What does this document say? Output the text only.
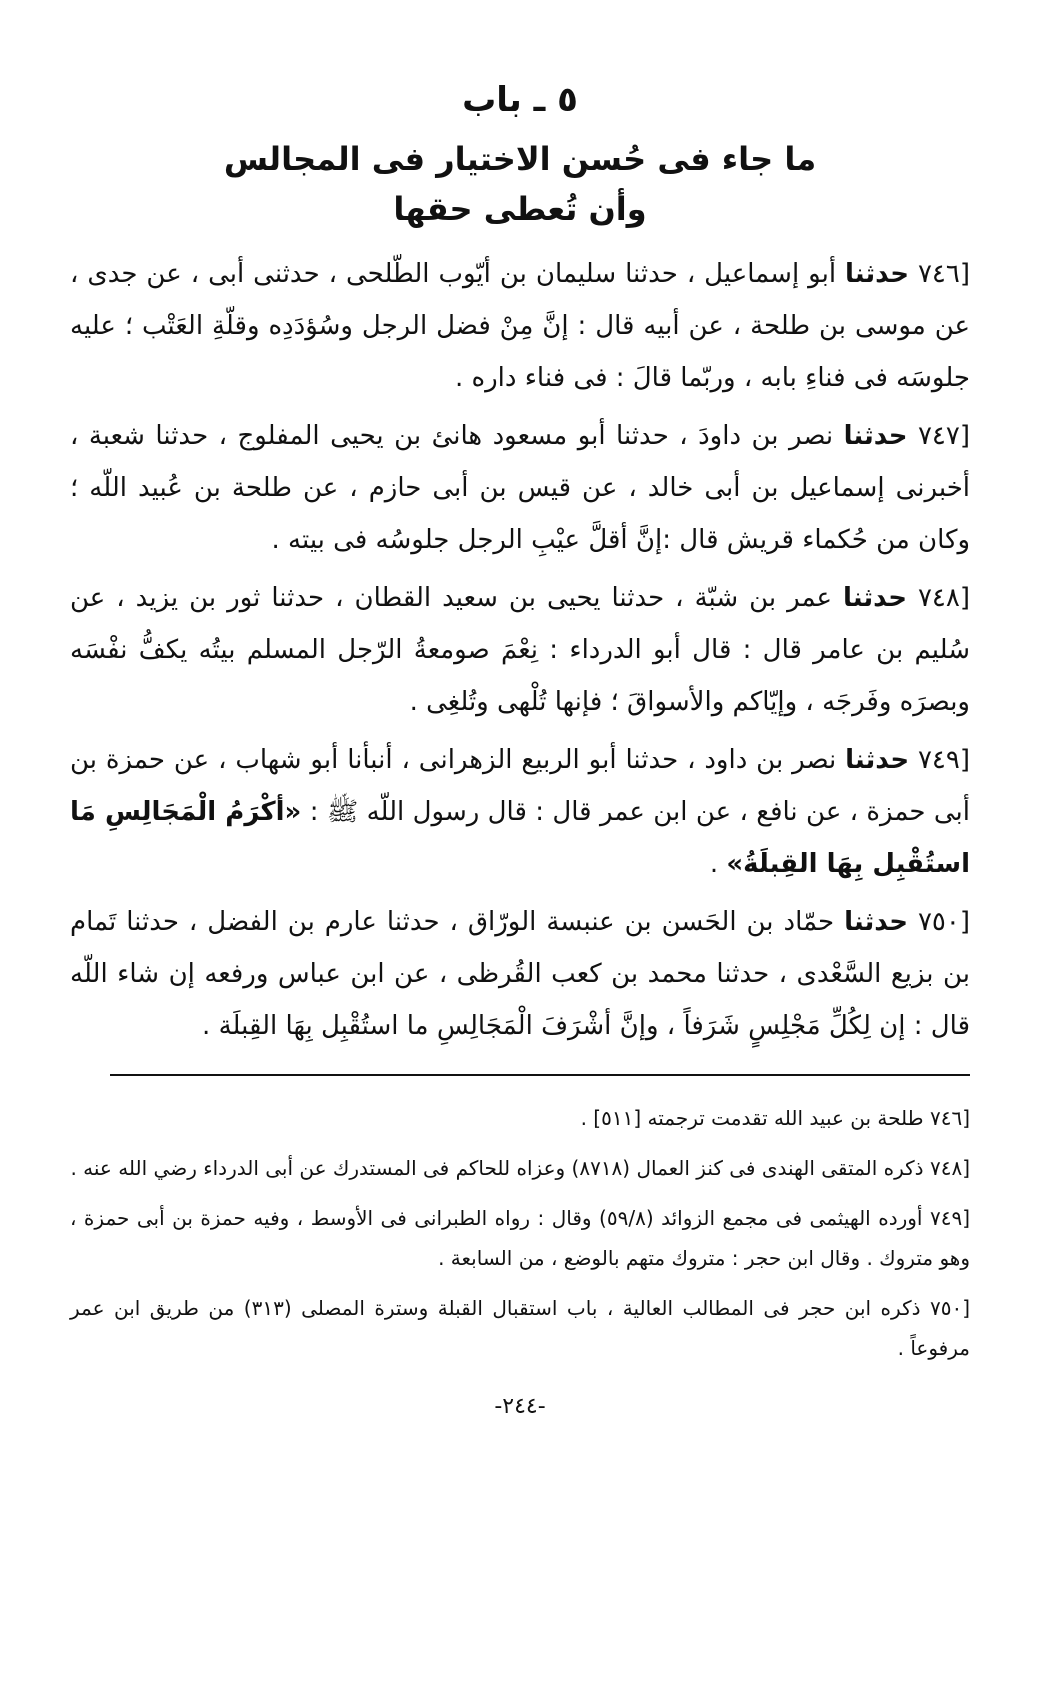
٥ ـ باب
ما جاء فى حُسن الاختيار فى المجالس
وأن تُعطى حقها
[٧٤٦ حدثنا أبو إسماعيل ، حدثنا سليمان بن أيّوب الطّلحى ، حدثنى أبى ، عن جدى ، عن موسى بن طلحة ، عن أبيه قال : إنَّ مِنْ فضل الرجل وسُؤدَدِه وقلّةِ العَتْب ؛ عليه جلوسَه فى فناءِ بابه ، وربّما قالَ : فى فناء داره .
[٧٤٧ حدثنا نصر بن داودَ ، حدثنا أبو مسعود هانئ بن يحيى المفلوج ، حدثنا شعبة ، أخبرنى إسماعيل بن أبى خالد ، عن قيس بن أبى حازم ، عن طلحة بن عُبيد اللّه ؛ وكان من حُكماء قريش قال :إنَّ أقلَّ عيْبِ الرجل جلوسُه فى بيته .
[٧٤٨ حدثنا عمر بن شبّة ، حدثنا يحيى بن سعيد القطان ، حدثنا ثور بن يزيد ، عن سُليم بن عامر قال : قال أبو الدرداء : نِعْمَ صومعةُ الرّجل المسلم بيتُه يكفُّ نفْسَه وبصرَه وفَرجَه ، وإيّاكم والأسواقَ ؛ فإنها تُلْهى وتُلغِى .
[٧٤٩ حدثنا نصر بن داود ، حدثنا أبو الربيع الزهرانى ، أنبأنا أبو شهاب ، عن حمزة بن أبى حمزة ، عن نافع ، عن ابن عمر قال : قال رسول اللّه ﷺ : «أكْرَمُ الْمَجَالِسِ مَا استُقْبِل بِهَا القِبلَةُ» .
[٧٥٠ حدثنا حمّاد بن الحَسن بن عنبسة الورّاق ، حدثنا عارم بن الفضل ، حدثنا تَمام بن بزيع السَّعْدى ، حدثنا محمد بن كعب القُرظى ، عن ابن عباس ورفعه إن شاء اللّه قال : إن لِكُلِّ مَجْلِسٍ شَرَفاً ، وإنَّ أشْرَفَ الْمَجَالِسِ ما استُقْبِل بِهَا القِبلَة .
[٧٤٦ طلحة بن عبيد الله تقدمت ترجمته [٥١١] .
[٧٤٨ ذكره المتقى الهندى فى كنز العمال (٨٧١٨) وعزاه للحاكم فى المستدرك عن أبى الدرداء رضي الله عنه .
[٧٤٩ أورده الهيثمى فى مجمع الزوائد (٥٩/٨) وقال : رواه الطبرانى فى الأوسط ، وفيه حمزة بن أبى حمزة ، وهو متروك . وقال ابن حجر : متروك متهم بالوضع ، من السابعة .
[٧٥٠ ذكره ابن حجر فى المطالب العالية ، باب استقبال القبلة وسترة المصلى (٣١٣) من طريق ابن عمر مرفوعاً .
-٢٤٤-
